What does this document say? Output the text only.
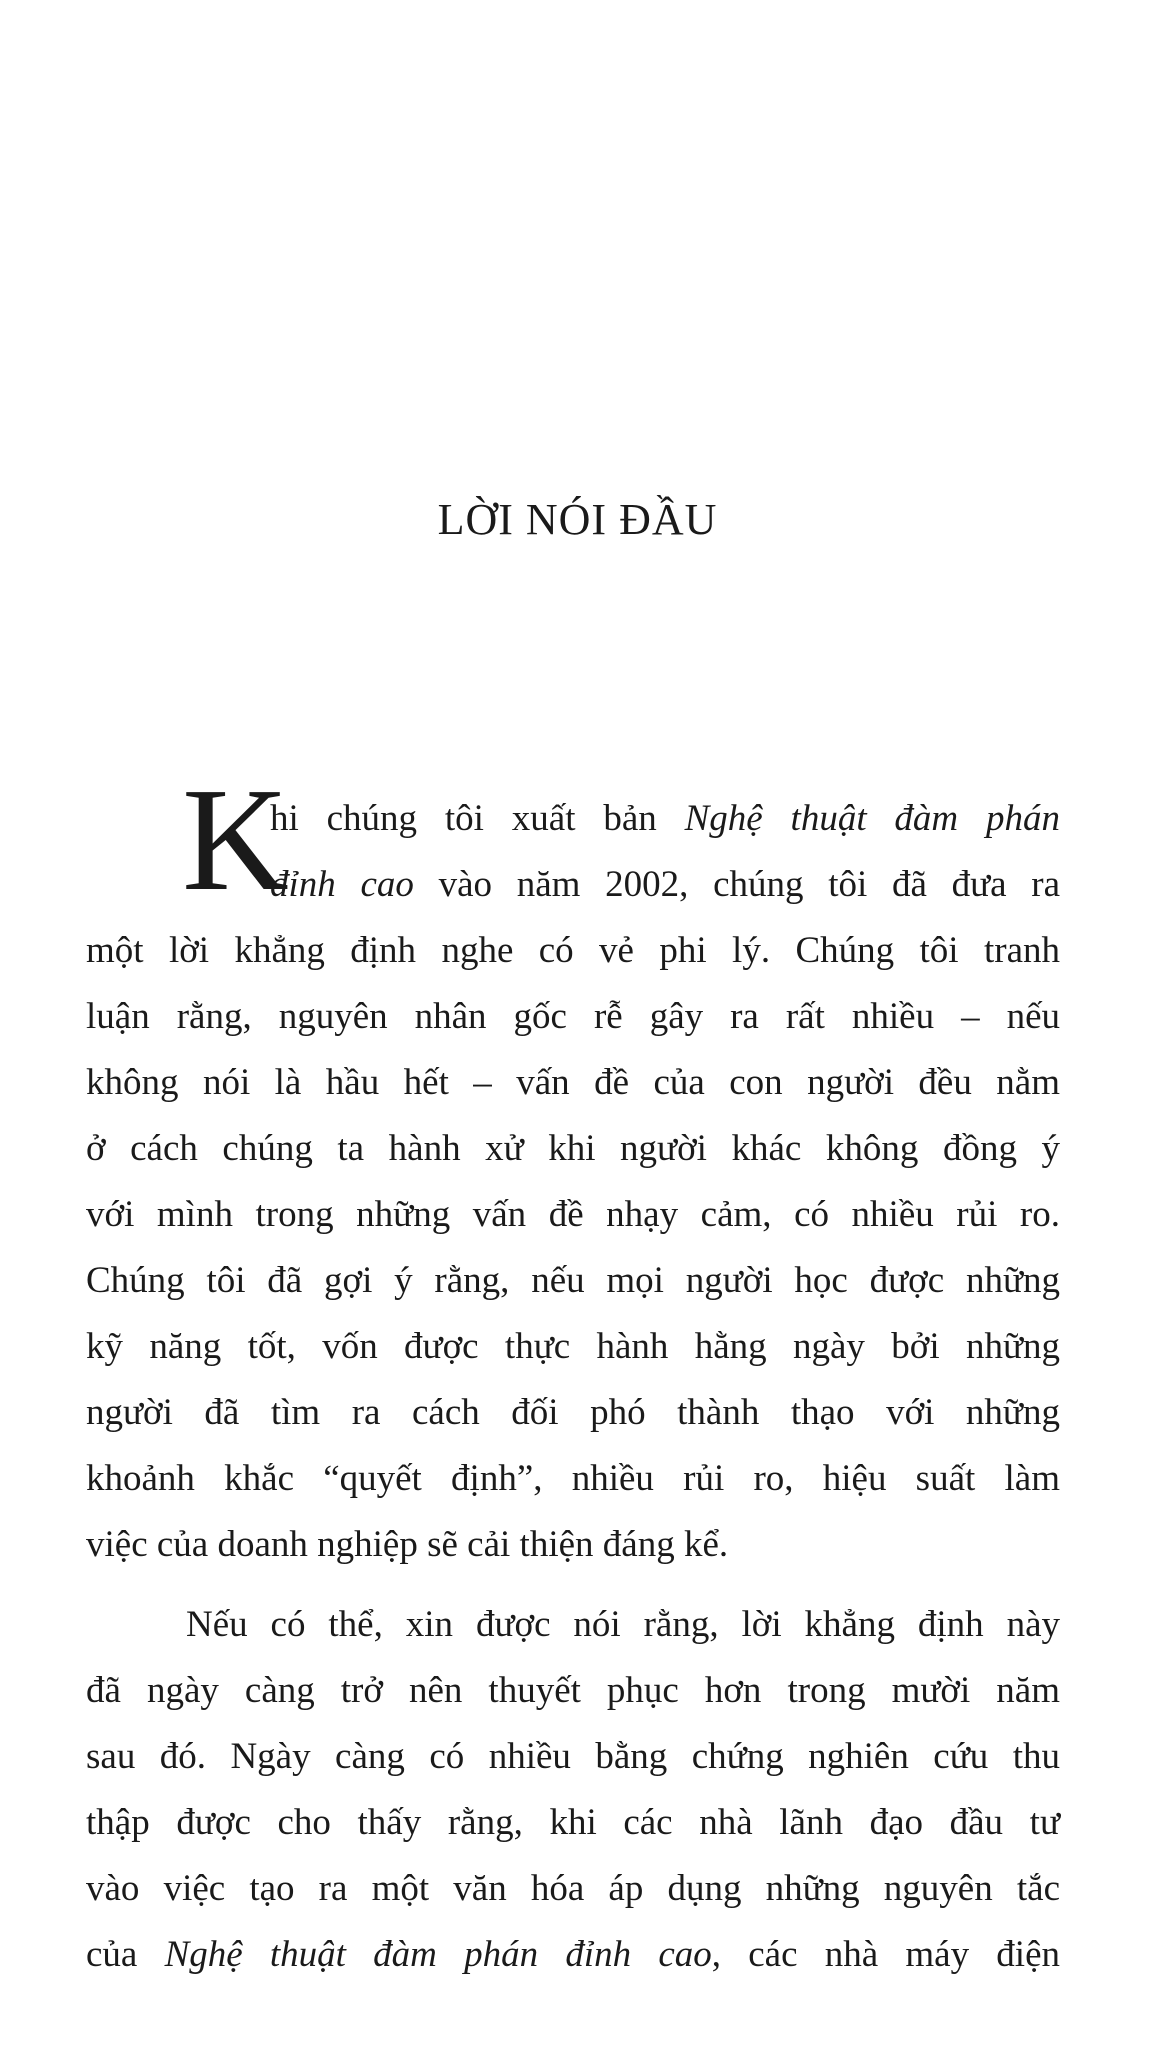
LỜI NÓI ĐẦU
K

hi chúng tôi xuất bản Nghệ thuật đàm phán

đỉnh cao vào năm 2002, chúng tôi đã đưa ra

một lời khẳng định nghe có vẻ phi lý. Chúng tôi tranh

luận rằng, nguyên nhân gốc rễ gây ra rất nhiều – nếu

không nói là hầu hết – vấn đề của con người đều nằm

ở cách chúng ta hành xử khi người khác không đồng ý

với mình trong những vấn đề nhạy cảm, có nhiều rủi ro.

Chúng tôi đã gợi ý rằng, nếu mọi người học được những

kỹ năng tốt, vốn được thực hành hằng ngày bởi những

người đã tìm ra cách đối phó thành thạo với những

khoảnh khắc “quyết định”, nhiều rủi ro, hiệu suất làm

việc của doanh nghiệp sẽ cải thiện đáng kể.

Nếu có thể, xin được nói rằng, lời khẳng định này

đã ngày càng trở nên thuyết phục hơn trong mười năm

sau đó. Ngày càng có nhiều bằng chứng nghiên cứu thu

thập được cho thấy rằng, khi các nhà lãnh đạo đầu tư

vào việc tạo ra một văn hóa áp dụng những nguyên tắc

của Nghệ thuật đàm phán đỉnh cao, các nhà máy điện
